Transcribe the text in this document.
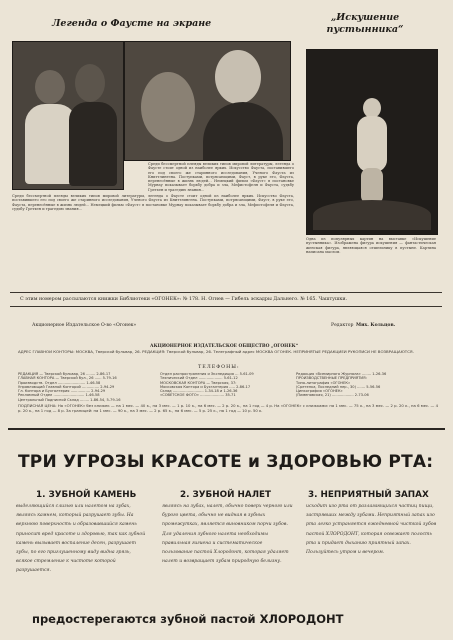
Легенда о Фаусте на экране
„Искушение пустынника“
Среди бессмертной плеяды великих типов мировой литературы, легенда о Фаусте стоит одной из наиболее ярких. Искусство Фауста, поставившего его под своего же старинного исследования, Ученого Фауста из Книттлингена. Поступками, потрясающими, Фауст, в руке его, Фауста, перенесённые в жизнь людей... Немецкий фильм «Фауст» в постановке Мурнау показывает борьбу добра и зла, Мефистофеля и Фауста, судьбу Гретхен и трагедию знания...
Среди бессмертной плеяды великих типов мировой литературы, легенда о Фаусте стоит одной из наиболее ярких. Искусство Фауста, поставившего его под своего же старинного исследования, Ученого Фауста из Книттлингена. Поступками, потрясающими, Фауст, в руке его, Фауста, перенесённые в жизнь людей... Немецкий фильм «Фауст» в постановке Мурнау показывает борьбу добра и зла, Мефистофеля и Фауста, судьбу Гретхен и трагедию знания...
Одна из популярных картин на выставке «Искушение пустынника». Изображена фигура искушения — фантастическая женская фигура, являющаяся отшельнику в пустыне. Картина написана маслом.
С этим номером рассылаются книжки Библиотеки «ОГОНЕК»: № 178. Н. Огнев — Гибель эскадры Дальнего. № 165. Чаштушки.
Акционерное Издательское О-во «Огонек»	Редактор Мих. Кольцов.
АКЦИОНЕРНОЕ ИЗДАТЕЛЬСКОЕ ОБЩЕСТВО „ОГОНЕК“
АДРЕС ГЛАВНОЙ КОНТОРЫ: МОСКВА, Тверской бульвар, 26. РЕДАКЦИЯ: Тверской бульвар, 26. Телеграфный адрес МОСКВА ОГОНЕК. НЕПРИНЯТЫЕ РЕДАКЦИЕЙ РУКОПИСИ НЕ ВОЗВРАЩАЮТСЯ.
ТЕЛЕФОНЫ:
РЕДАКЦИЯ — Тверской бульвар, 26 ........ 2-86-17
ГЛАВНАЯ КОНТОРА — Тверской бул., 26 ...... 5-79-16
Производств. Отдел ........................ 1-46-58
Управляющий Главной Конторой ............... 2-94-29
Гл. Контора и Бухгалтерия ................. 2-94-29
Рекламный Отдел ........................... 1-46-58
Центральный Подписной Склад ........ 1-86-54, 5-79-16
Отдел распространения и Экспедиция ... 5-61-09
Технический Отдел ..................... 5-61-12
МОСКОВСКАЯ КОНТОРА — Тверская, 37:
Московская Контора и Бухгалтерия ..... 2-86-17
Склад ........................... 1-34-18 и 1-26-36
«СОВЕТСКОЕ ФОТО» ..................... 35-71
Редакция «Всемирного Журнала» ........ 1-26-36
ПРОИЗВОДСТВЕННЫЕ ПРЕДПРИЯТИЯ:
Типо-литография «ОГОНЕК»
(Сретенка, Последний пер., 30) ....... 5-56-56
Цинкография «ОГОНЕК»
(Пименовская, 21) ................... 2-73-06
ПОДПИСНАЯ ЦЕНА: На «ОГОНЕК» без книжек — на 1 мес. — 40 к., на 3 мес. — 1 р. 10 к., на 6 мес. — 2 р. 20 к., на 1 год — 4 р. На «ОГОНЕК» с книжками: на 1 мес. — 75 к., на 3 мес. — 2 р. 20 к., на 6 мес. — 4 р. 20 к., на 1 год — 8 р. За границей: на 1 мес. — 90 к., на 3 мес. — 2 р. 65 к., на 6 мес. — 5 р. 25 к., на 1 год — 10 р. 50 к.
ТРИ УГРОЗЫ КРАСОТЕ и ЗДОРОВЬЮ РТА:
1. ЗУБНОЙ КАМЕНЬ	2. ЗУБНОЙ НАЛЕТ	3. НЕПРИЯТНЫЙ ЗАПАХ
выделяющийся слизью или налетом на зубах, являясь камнем, который разрушает зубы. На верхнюю поверхность и образовавшийся камень приносит вред красоте и здоровью, так как зубной камень вызывает воспаление десен, разрушает зубы, по его приглушенному виду видна грязь, всякое стремление к чистоте которой разрушается.
являясь на зубах, налет, обычно поверх черного или бурого цвета, обычно не видная в зубных промежутках, является виновником порчи зубов. Для удаления зубного налета необходимы правильная гигиена и систематическое пользование пастой Хлородонт, которая удаляет налет и возвращает зубам природную белизну.
исходит изо рта от разлагающихся частиц пищи, застрявших между зубами. Неприятный запах изо рта легко устраняется ежедневной чисткой зубов пастой ХЛОРОДОНТ, которая освежает полость рта и придает дыханию приятный запах. Пользуйтесь утром и вечером.
предостерегаются зубной пастой ХЛОРОДОНТ
